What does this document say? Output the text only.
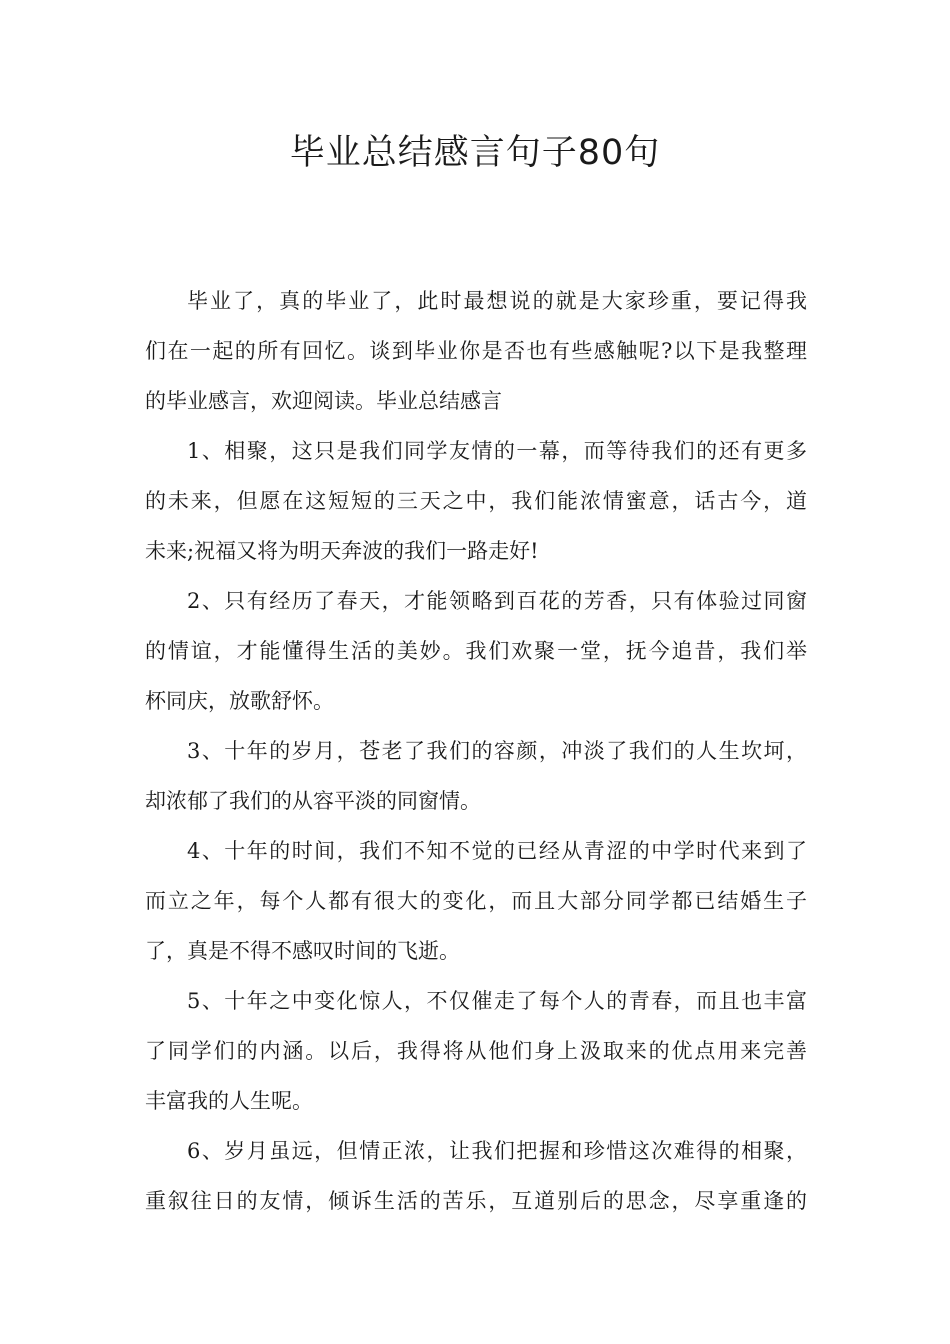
毕业总结感言句子80句

毕业了，真的毕业了，此时最想说的就是大家珍重，要记得我
们在一起的所有回忆。谈到毕业你是否也有些感触呢?以下是我整理
的毕业感言，欢迎阅读。毕业总结感言

1、相聚，这只是我们同学友情的一幕，而等待我们的还有更多
的未来，但愿在这短短的三天之中，我们能浓情蜜意，话古今，道
未来;祝福又将为明天奔波的我们一路走好!

2、只有经历了春天，才能领略到百花的芳香，只有体验过同窗
的情谊，才能懂得生活的美妙。我们欢聚一堂，抚今追昔，我们举
杯同庆，放歌舒怀。

3、十年的岁月，苍老了我们的容颜，冲淡了我们的人生坎坷，
却浓郁了我们的从容平淡的同窗情。

4、十年的时间，我们不知不觉的已经从青涩的中学时代来到了
而立之年，每个人都有很大的变化，而且大部分同学都已结婚生子
了，真是不得不感叹时间的飞逝。

5、十年之中变化惊人，不仅催走了每个人的青春，而且也丰富
了同学们的内涵。以后，我得将从他们身上汲取来的优点用来完善
丰富我的人生呢。

6、岁月虽远，但情正浓，让我们把握和珍惜这次难得的相聚，
重叙往日的友情，倾诉生活的苦乐，互道别后的思念，尽享重逢的
